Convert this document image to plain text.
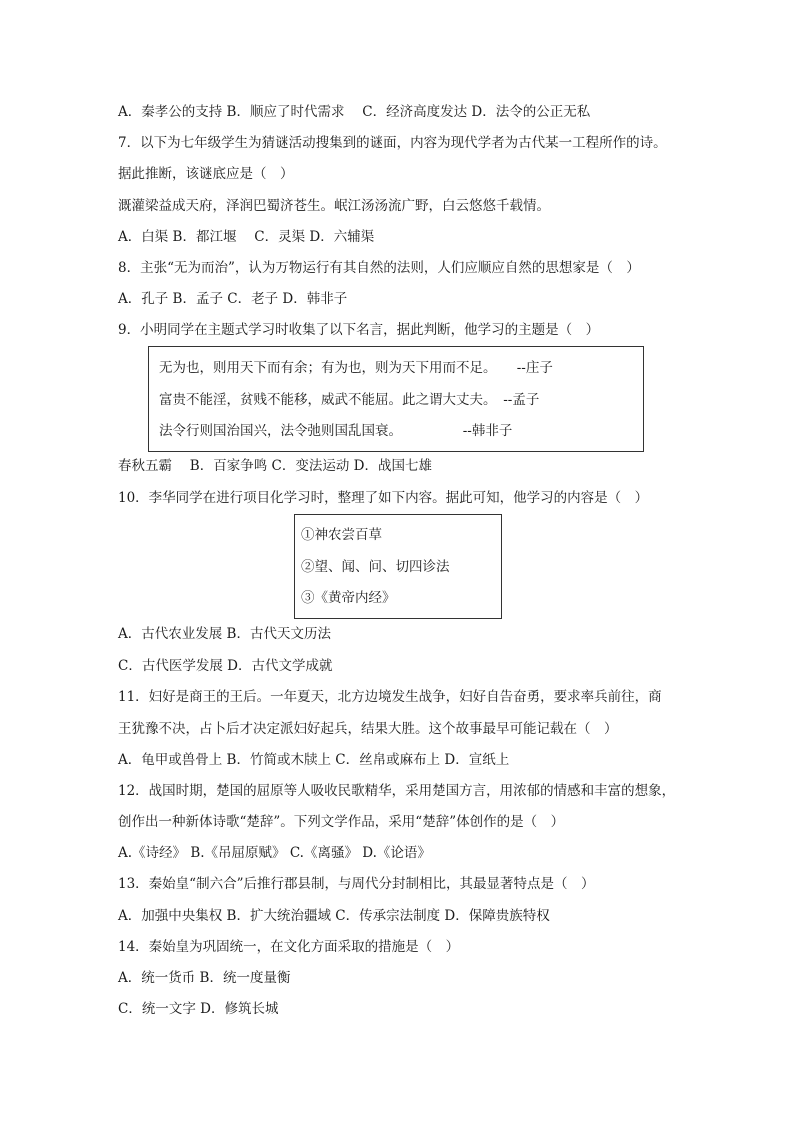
A．秦孝公的支持 B．顺应了时代需求 　C．经济高度发达 D．法令的公正无私
7．以下为七年级学生为猜谜活动搜集到的谜面，内容为现代学者为古代某一工程所作的诗。
据此推断，该谜底应是（　）
溉灌梁益成天府，泽润巴蜀济苍生。岷江汤汤流广野，白云悠悠千载情。
A．白渠 B．都江堰　 C．灵渠 D．六辅渠
8．主张“无为而治”，认为万物运行有其自然的法则，人们应顺应自然的思想家是（　）
A．孔子 B．孟子 C．老子 D．韩非子
9．小明同学在主题式学习时收集了以下名言，据此判断，他学习的主题是（　）
无为也，则用天下而有余；有为也，则为天下用而不足。　　--庄子
富贵不能淫，贫贱不能移，威武不能屈。此之谓大丈夫。　--孟子
法令行则国治国兴，法令弛则国乱国衰。　　　　　--韩非子
春秋五霸　 B．百家争鸣 C．变法运动 D．战国七雄
10．李华同学在进行项目化学习时，整理了如下内容。据此可知，他学习的内容是（　）
①神农尝百草
②望、闻、问、切四诊法
③《黄帝内经》
A．古代农业发展 B．古代天文历法
C．古代医学发展 D．古代文学成就
11．妇好是商王的王后。一年夏天，北方边境发生战争，妇好自告奋勇，要求率兵前往，商
王犹豫不决，占卜后才决定派妇好起兵，结果大胜。这个故事最早可能记载在（　）
A．龟甲或兽骨上 B．竹简或木牍上 C．丝帛或麻布上 D．宣纸上
12．战国时期，楚国的屈原等人吸收民歌精华，采用楚国方言，用浓郁的情感和丰富的想象，
创作出一种新体诗歌“楚辞”。下列文学作品，采用“楚辞”体创作的是（　）
A.《诗经》 B.《吊屈原赋》 C.《离骚》 D.《论语》
13．秦始皇“制六合”后推行郡县制，与周代分封制相比，其最显著特点是（　）
A．加强中央集权 B．扩大统治疆域 C．传承宗法制度 D．保障贵族特权
14．秦始皇为巩固统一，在文化方面采取的措施是（　）
A．统一货币 B．统一度量衡
C．统一文字 D．修筑长城
